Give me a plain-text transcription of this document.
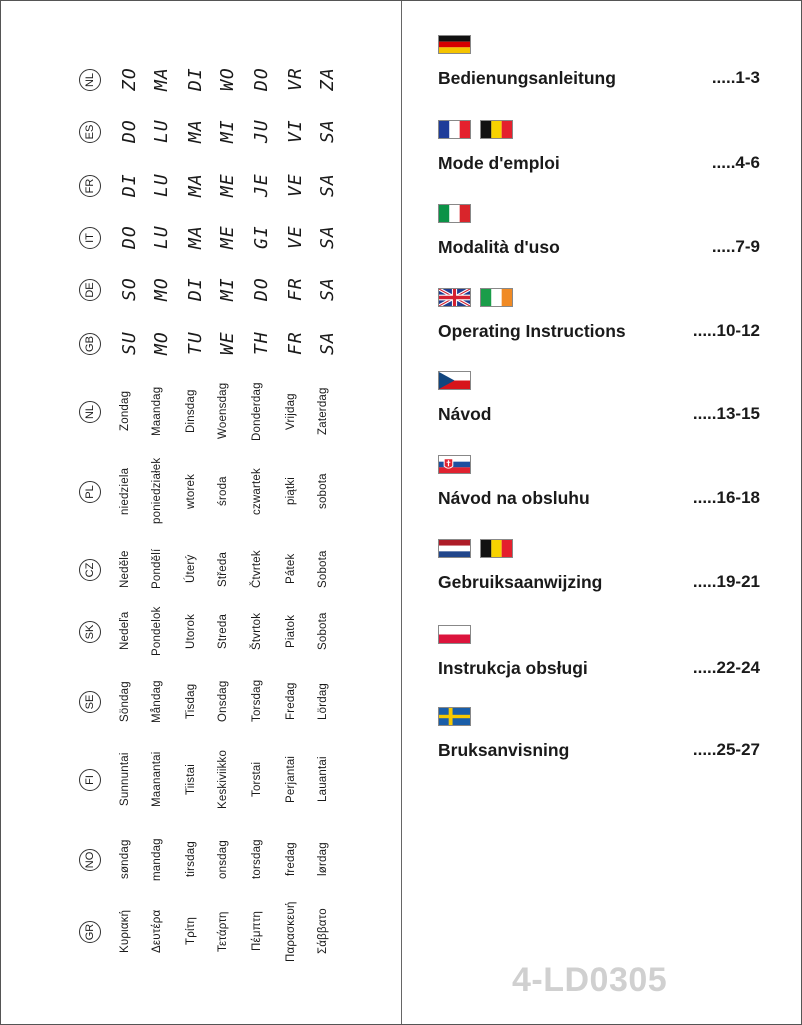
NL ZO MA DI WO DO VR ZA
ES DO LU MA MI JU VI SA
FR DI LU MA ME JE VE SA
IT DO LU MA ME GI VE SA
DE SO MO DI MI DO FR SA
GB SU MO TU WE TH FR SA
NL	Zondag Maandag Dinsdag Woensdag Donderdag Vrijdag Zaterdag
PL	niedziela poniedziałek wtorek środa czwartek piątki sobota
CZ	Neděle Pondělí Úterý Středa Čtvrtek Pátek Sobota
SK	Nedeľa Pondelok Utorok Streda Štvrtok Piatok Sobota
SE	Söndag Måndag Tisdag Onsdag Torsdag Fredag Lördag
FI	Sunnuntai Maanantai Tiistai Keskiviikko Torstai Perjantai Lauantai
NO	søndag mandag tirsdag onsdag torsdag fredag lørdag
GR	Κυριακή Δευτέρα Τρίτη Τετάρτη Πέμπτη Παρασκευή Σάββατο
4-LD0305
Bedienungsanleitung	.....1-3
Mode d'emploi	.....4-6
Modalità d'uso	.....7-9
Operating Instructions	.....10-12
Návod	.....13-15
Návod na obsluhu	.....16-18
Gebruiksaanwijzing	.....19-21
Instrukcja obsługi	.....22-24
Bruksanvisning	.....25-27
